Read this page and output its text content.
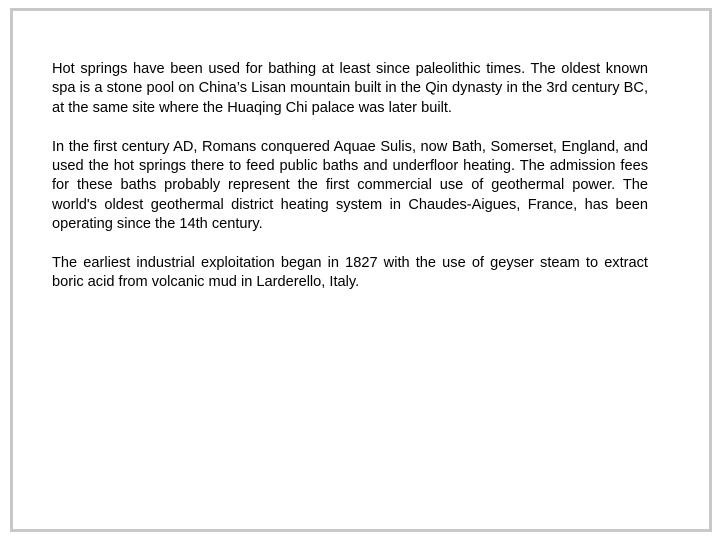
Hot springs have been used for bathing at least since paleolithic times. The oldest known spa is a stone pool on China’s Lisan mountain built in the Qin dynasty in the 3rd century BC, at the same site where the Huaqing Chi palace was later built.

In the first century AD, Romans conquered Aquae Sulis, now Bath, Somerset, England, and used the hot springs there to feed public baths and underfloor heating. The admission fees for these baths probably represent the first commercial use of geothermal power. The world's oldest geothermal district heating system in Chaudes-Aigues, France, has been operating since the 14th century.

The earliest industrial exploitation began in 1827 with the use of geyser steam to extract boric acid from volcanic mud in Larderello, Italy.
